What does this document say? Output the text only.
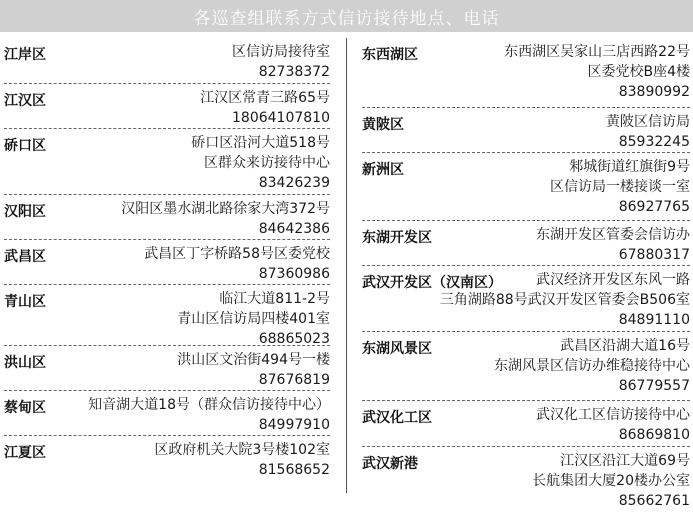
各巡查组联系方式信访接待地点、电话
江岸区	区信访局接待室
82738372
江汉区	江汉区常青三路65号
18064107810
硚口区	硚口区沿河大道518号
区群众来访接待中心
83426239
汉阳区	汉阳区墨水湖北路徐家大湾372号
84642386
武昌区	武昌区丁字桥路58号区委党校
87360986
青山区	临江大道811-2号
青山区信访局四楼401室
68865023
洪山区	洪山区文治街494号一楼
87676819
蔡甸区	知音湖大道18号（群众信访接待中心）
84997910
江夏区	区政府机关大院3号楼102室
81568652
东西湖区	东西湖区吴家山三店西路22号
区委党校B座4楼
83890992
黄陂区	黄陂区信访局
85932245
新洲区	邾城街道红旗街9号
区信访局一楼接谈一室
86927765
东湖开发区	东湖开发区管委会信访办
67880317
武汉开发区（汉南区）	武汉经济开发区东风一路
三角湖路88号武汉开发区管委会B506室
84891110
东湖风景区	武昌区沿湖大道16号
东湖风景区信访办维稳接待中心
86779557
武汉化工区	武汉化工区信访接待中心
86869810
武汉新港	江汉区沿江大道69号
长航集团大厦20楼办公室
85662761
